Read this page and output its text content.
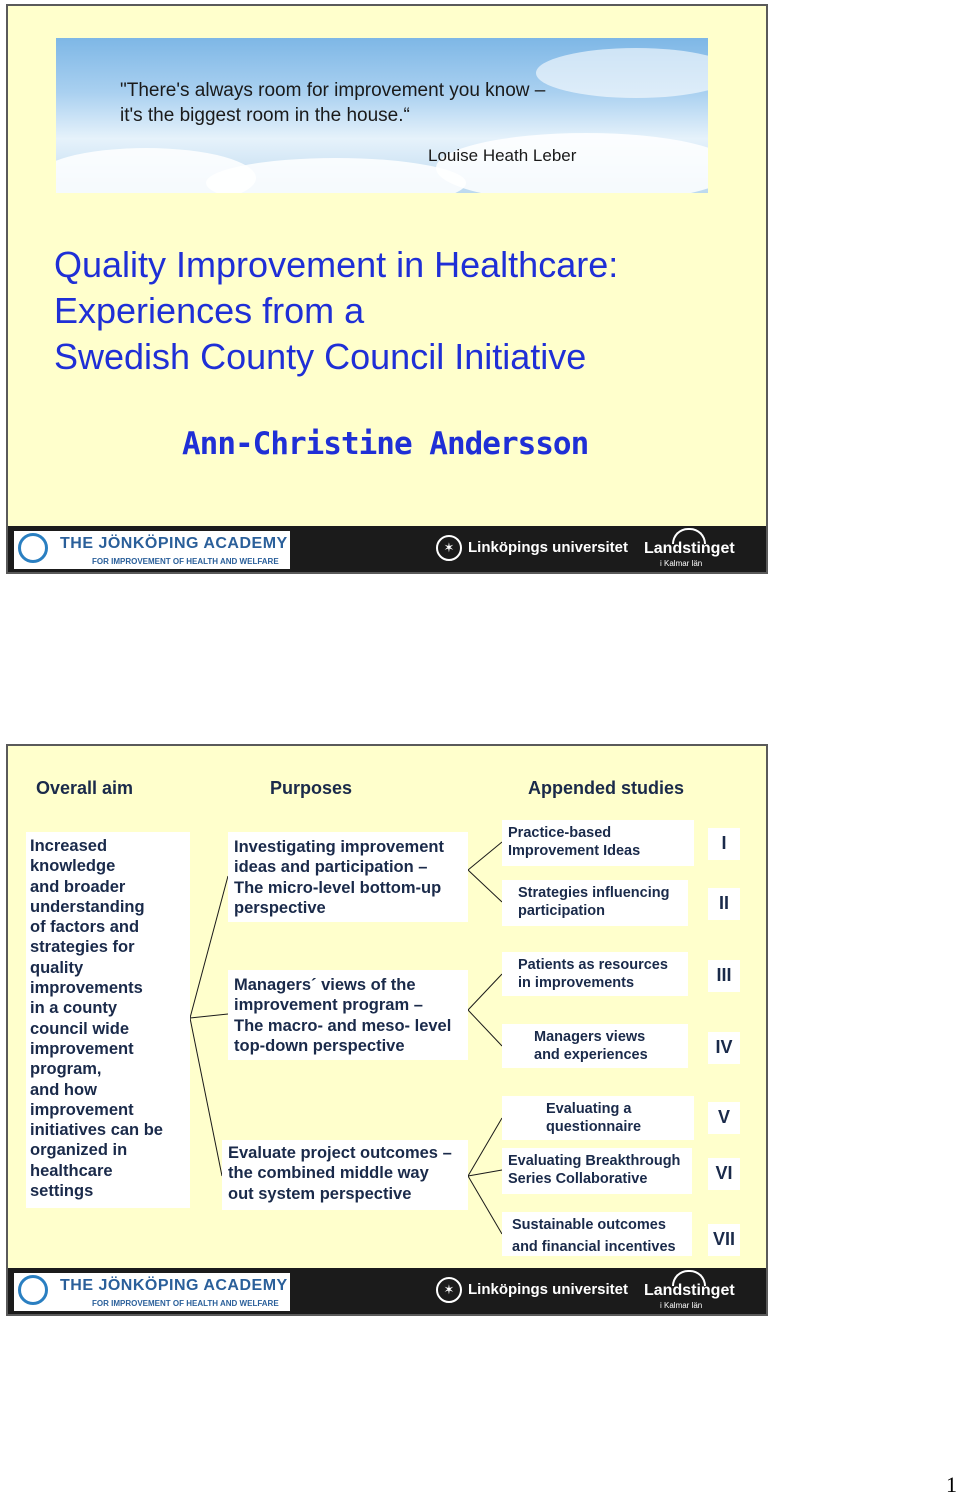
"There's always room for improvement you know –
it's the biggest room in the house.“
Louise Heath Leber
Quality Improvement in Healthcare:
Experiences from a
Swedish County Council Initiative
Ann-Christine Andersson
THE JÖNKÖPING ACADEMY
FOR IMPROVEMENT OF HEALTH AND WELFARE
✶ Linköpings universitet Landstinget
i Kalmar län
Overall aim	Purposes	Appended studies
Increased
knowledge
and broader
understanding
of factors and
strategies for
quality
improvements
in a county
council wide
improvement
program,
and how
improvement
initiatives can be
organized in
healthcare
settings
Investigating improvement
ideas and participation –
The micro-level bottom-up
perspective
Managers´ views of the
improvement program –
The macro- and meso- level
top-down perspective
Evaluate project outcomes –
the combined middle way
out system perspective
Practice-based
Improvement Ideas
Strategies influencing
participation
Patients as resources
in improvements
Managers views
and experiences
Evaluating a
questionnaire
Evaluating Breakthrough
Series Collaborative
Sustainable outcomes
and financial incentives
I
II
III
IV
V
VI
VII
THE JÖNKÖPING ACADEMY
FOR IMPROVEMENT OF HEALTH AND WELFARE
✶ Linköpings universitet Landstinget
i Kalmar län
1
